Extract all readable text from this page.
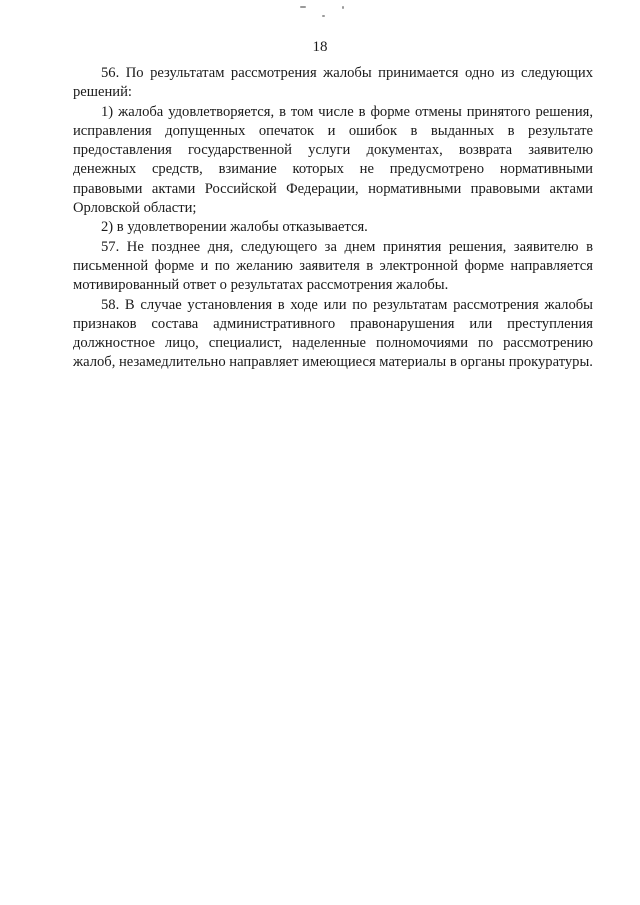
18

56. По результатам рассмотрения жалобы принимается одно из следующих решений:

1) жалоба удовлетворяется, в том числе в форме отмены принятого решения, исправления допущенных опечаток и ошибок в выданных в результате предоставления государственной услуги документах, возврата заявителю денежных средств, взимание которых не предусмотрено нормативными правовыми актами Российской Федерации, нормативными правовыми актами Орловской области;

2) в удовлетворении жалобы отказывается.

57. Не позднее дня, следующего за днем принятия решения, заявителю в письменной форме и по желанию заявителя в электронной форме направляется мотивированный ответ о результатах рассмотрения жалобы.

58. В случае установления в ходе или по результатам рассмотрения жалобы признаков состава административного правонарушения или преступления должностное лицо, специалист, наделенные полномочиями по рассмотрению жалоб, незамедлительно направляет имеющиеся материалы в органы прокуратуры.
